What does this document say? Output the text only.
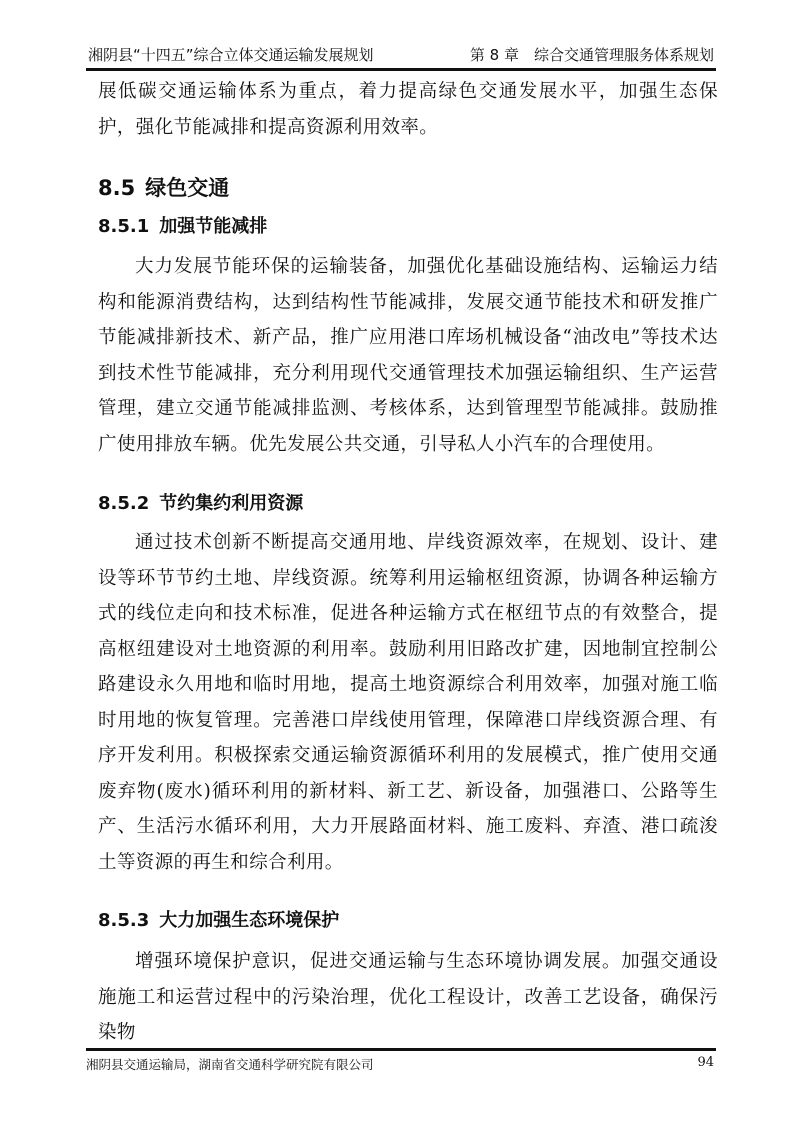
湘阴县“十四五”综合立体交通运输发展规划	第 8 章　综合交通管理服务体系规划

展低碳交通运输体系为重点，着力提高绿色交通发展水平，加强生态保护，强化节能减排和提高资源利用效率。

8.5 绿色交通
8.5.1 加强节能减排

大力发展节能环保的运输装备，加强优化基础设施结构、运输运力结构和能源消费结构，达到结构性节能减排，发展交通节能技术和研发推广节能减排新技术、新产品，推广应用港口库场机械设备“油改电”等技术达到技术性节能减排，充分利用现代交通管理技术加强运输组织、生产运营管理，建立交通节能减排监测、考核体系，达到管理型节能减排。鼓励推广使用排放车辆。优先发展公共交通，引导私人小汽车的合理使用。

8.5.2 节约集约利用资源

通过技术创新不断提高交通用地、岸线资源效率，在规划、设计、建设等环节节约土地、岸线资源。统筹利用运输枢纽资源，协调各种运输方式的线位走向和技术标准，促进各种运输方式在枢纽节点的有效整合，提高枢纽建设对土地资源的利用率。鼓励利用旧路改扩建，因地制宜控制公路建设永久用地和临时用地，提高土地资源综合利用效率，加强对施工临时用地的恢复管理。完善港口岸线使用管理，保障港口岸线资源合理、有序开发利用。积极探索交通运输资源循环利用的发展模式，推广使用交通废弃物(废水)循环利用的新材料、新工艺、新设备，加强港口、公路等生产、生活污水循环利用，大力开展路面材料、施工废料、弃渣、港口疏浚土等资源的再生和综合利用。

8.5.3 大力加强生态环境保护

增强环境保护意识，促进交通运输与生态环境协调发展。加强交通设施施工和运营过程中的污染治理，优化工程设计，改善工艺设备，确保污染物

湘阴县交通运输局，湖南省交通科学研究院有限公司	94
